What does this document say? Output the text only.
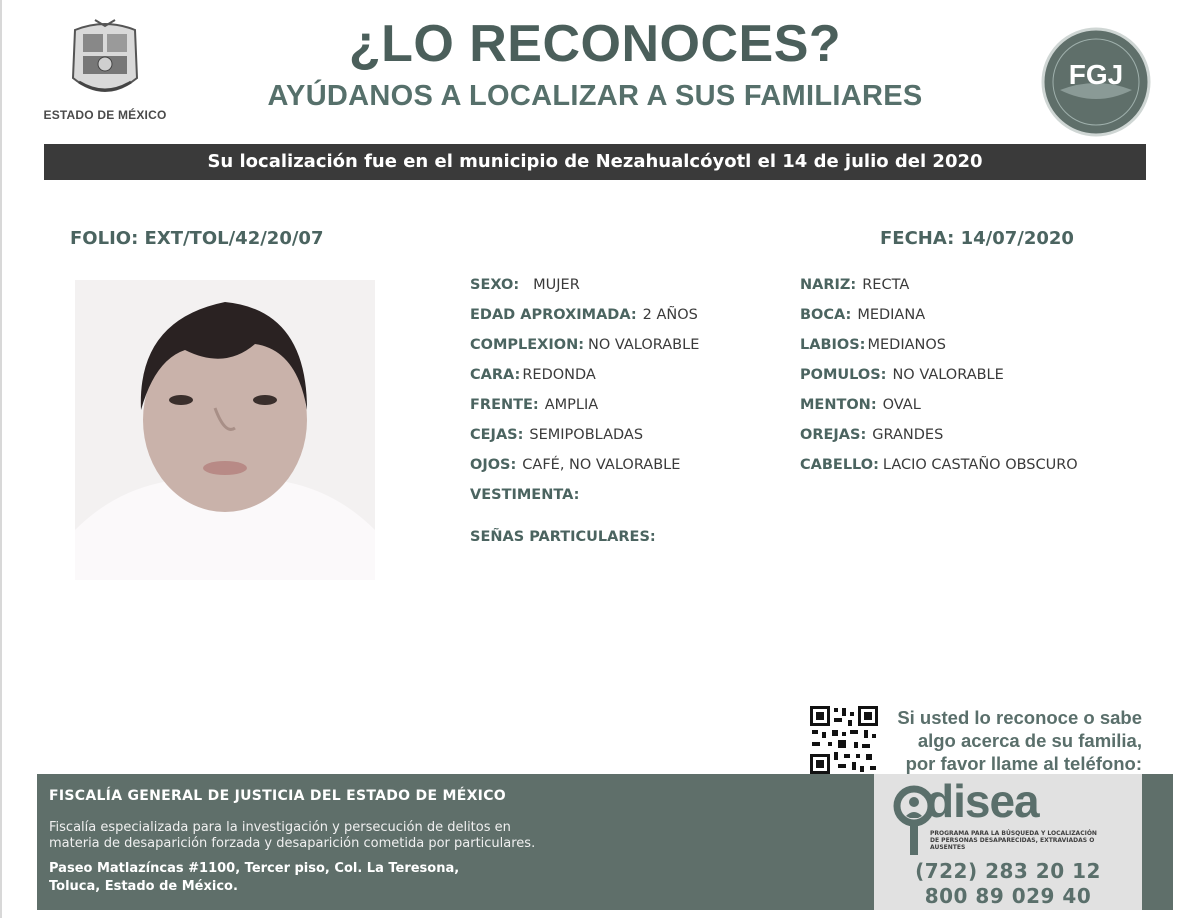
ESTADO DE MÉXICO
¿LO RECONOCES?
AYÚDANOS A LOCALIZAR A SUS FAMILIARES
FGJ
Su localización fue en el municipio de Nezahualcóyotl el 14 de julio del 2020
FOLIO: EXT/TOL/42/20/07	FECHA: 14/07/2020
SEXO: MUJER
EDAD APROXIMADA: 2 AÑOS
COMPLEXION: NO VALORABLE
CARA: REDONDA
FRENTE: AMPLIA
CEJAS: SEMIPOBLADAS
OJOS: CAFÉ, NO VALORABLE
VESTIMENTA:
SEÑAS PARTICULARES:
NARIZ: RECTA
BOCA: MEDIANA
LABIOS: MEDIANOS
POMULOS: NO VALORABLE
MENTON: OVAL
OREJAS: GRANDES
CABELLO: LACIO CASTAÑO OBSCURO
Si usted lo reconoce o sabe
algo acerca de su familia,
por favor llame al teléfono:
FISCALÍA GENERAL DE JUSTICIA DEL ESTADO DE MÉXICO
Fiscalía especializada para la investigación y persecución de delitos en
materia de desaparición forzada y desaparición cometida por particulares.
Paseo Matlazíncas #1100, Tercer piso, Col. La Teresona,
Toluca, Estado de México.
disea
PROGRAMA PARA LA BÚSQUEDA Y LOCALIZACIÓN
DE PERSONAS DESAPARECIDAS, EXTRAVIADAS O
AUSENTES
(722) 283 20 12
800 89 029 40
